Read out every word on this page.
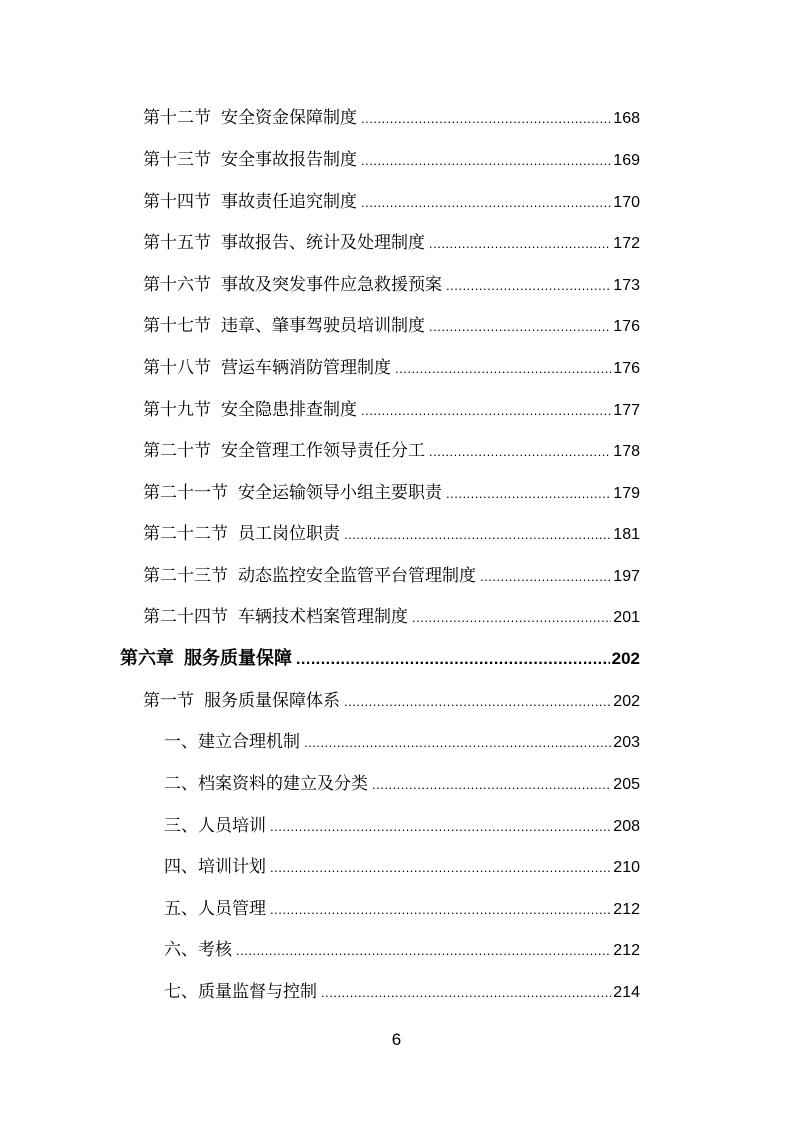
第十二节 安全资金保障制度 .....	168
第十三节 安全事故报告制度 .....	169
第十四节 事故责任追究制度 .....	170
第十五节 事故报告、统计及处理制度 .....	172
第十六节 事故及突发事件应急救援预案 .....	173
第十七节 违章、肇事驾驶员培训制度 .....	176
第十八节 营运车辆消防管理制度 .....	176
第十九节 安全隐患排查制度 .....	177
第二十节 安全管理工作领导责任分工 .....	178
第二十一节 安全运输领导小组主要职责 .....	179
第二十二节 员工岗位职责 .....	181
第二十三节 动态监控安全监管平台管理制度 .....	197
第二十四节 车辆技术档案管理制度 .....	201
第六章 服务质量保障 .....	202
第一节 服务质量保障体系 .....	202
一、建立合理机制 .....	203
二、档案资料的建立及分类 .....	205
三、人员培训 .....	208
四、培训计划 .....	210
五、人员管理 .....	212
六、考核 .....	212
七、质量监督与控制 .....	214
6
